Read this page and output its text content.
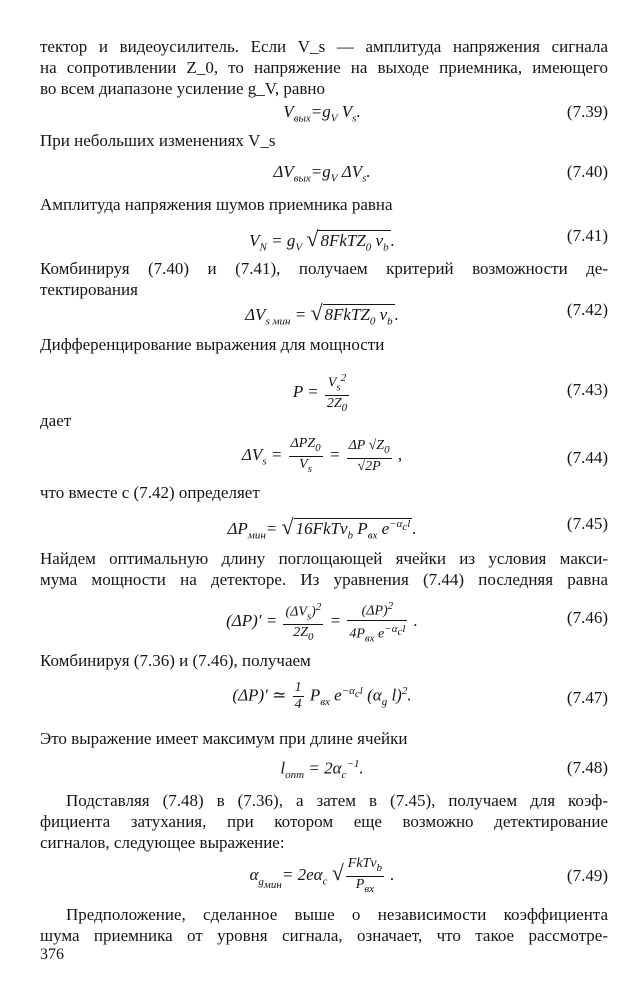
тектор и видеоусилитель. Если V_s — амплитуда напряжения сигнала
на сопротивлении Z_0, то напряжение на выходе приемника, имеющего
во всем диапазоне усиление g_V, равно
$V_{вых}=g_V$ $V_s$.	(7.39)
При небольших изменениях V_s
$\Delta V_{вых}=g_V$ $\Delta V_s$.	(7.40)
Амплитуда напряжения шумов приемника равна
$V_N = g_V$ √ 8FkTZ$_0$ $\nu_b$ .	(7.41)
Комбинируя (7.40) и (7.41), получаем критерий возможности де-
тектирования
$\Delta V_{s мин}$ = √ 8FkTZ$_0$ $\nu_b$ .	(7.42)
Дифференцирование выражения для мощности
$P = \frac{V_s^2}{2Z_0}$	(7.43)
дает
$\Delta V_s = \frac{\Delta PZ_0}{V_s} = \frac{\Delta P √Z_0}{√2P}$ ,	(7.44)
что вместе с (7.42) определяет
$\Delta P_{мин}=$ √ 16FkTν$_b$ $P_{вх}$ $e^{-\alpha_cl}$ .	(7.45)
Найдем оптимальную длину поглощающей ячейки из условия макси-
мума мощности на детекторе. Из уравнения (7.44) последняя равна
$(\Delta P)' = \frac{(\Delta V_s)^2}{2Z_0} = \frac{(\Delta P)^2}{4P_{вх} e^{-\alpha_cl}}$ .	(7.46)
Комбинируя (7.36) и (7.46), получаем
(ΔP)′ ≃ $\frac{1}{4} P_{вх}$ $e^{-\alpha_cl}$ ($\alpha_g$ l)$^2$.	(7.47)
Это выражение имеет максимум при длине ячейки
$l_{опт} = 2\alpha_c^{-1}$.	(7.48)
Подставляя (7.48) в (7.36), а затем в (7.45), получаем для коэф-
фициента затухания, при котором еще возможно детектирование
сигналов, следующее выражение:
$\alpha_{g_{мин}}= 2e\alpha_c$ √ $\frac{FkT\nu_b}{P_{вх}}$ .	(7.49)
Предположение, сделанное выше о независимости коэффициента
шума приемника от уровня сигнала, означает, что такое рассмотре-
376
